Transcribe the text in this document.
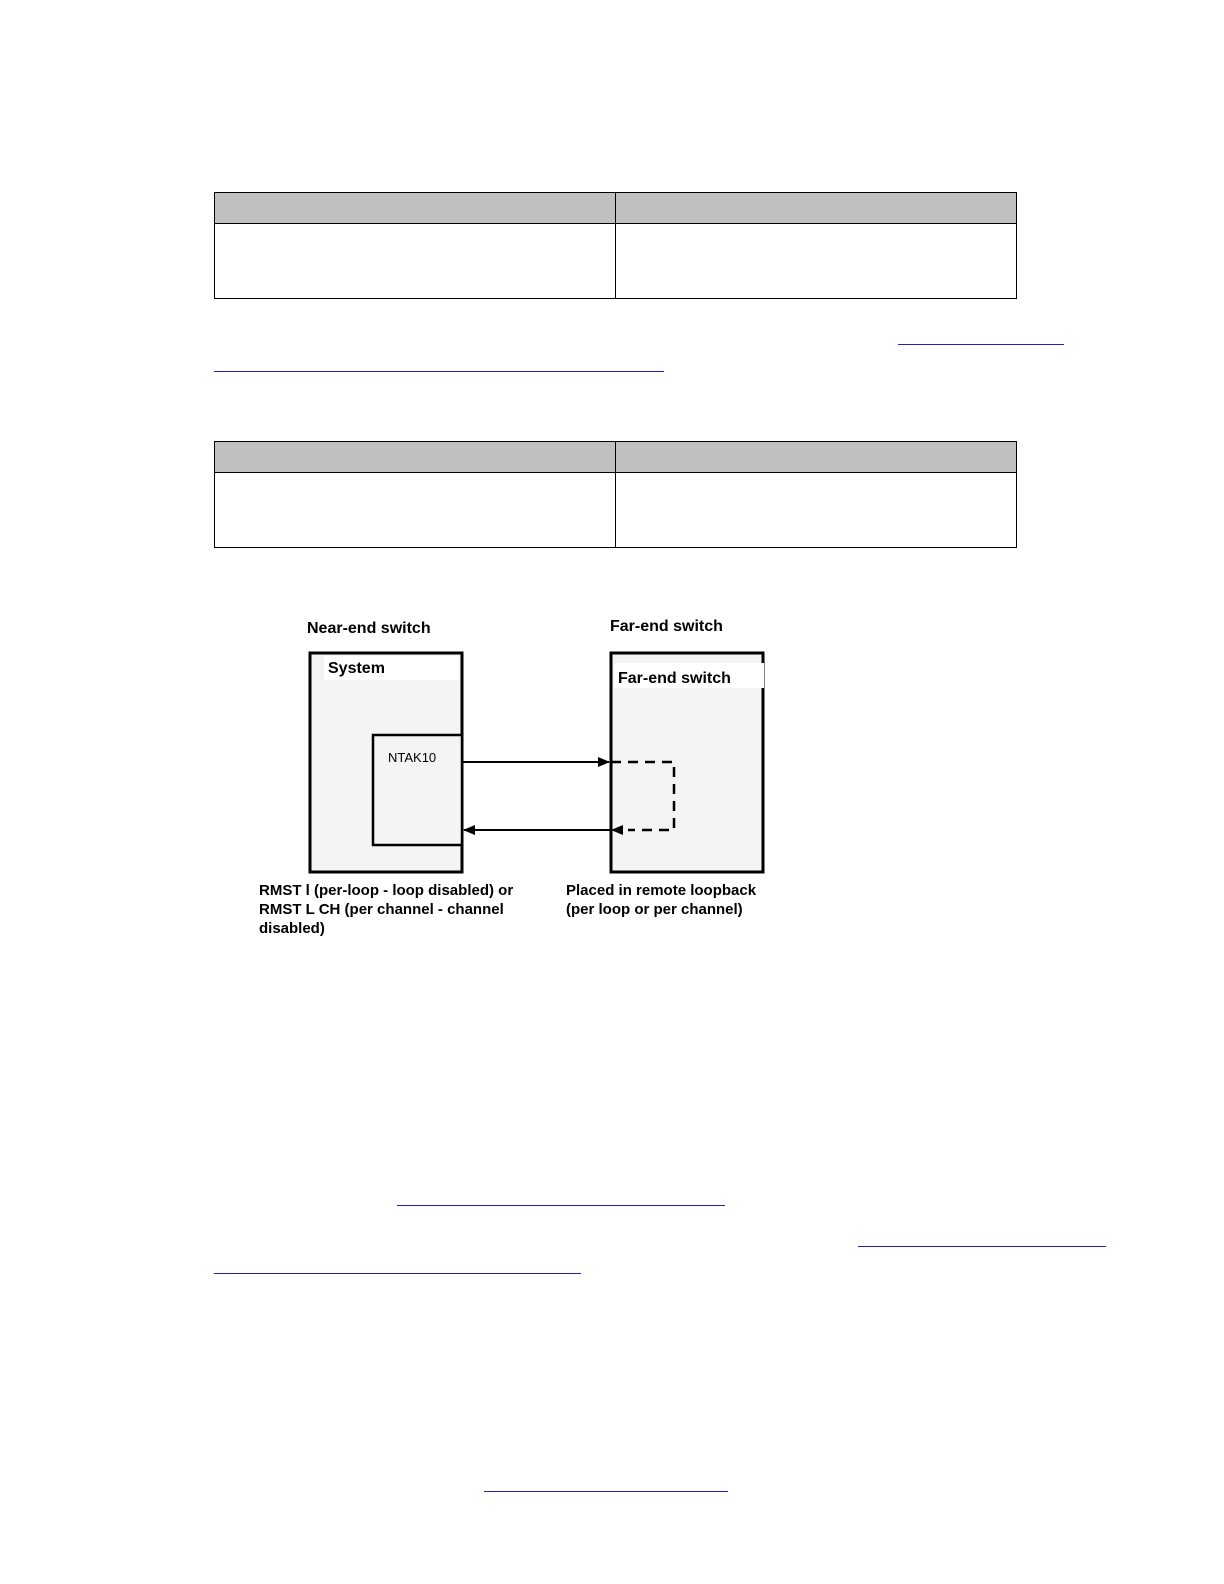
Near-end switch	Far-end switch
System
NTAK10
Far-end switch
RMST l (per-loop - loop disabled) or RMST L CH (per channel - channel disabled)
Placed in remote loopback (per loop or per channel)
